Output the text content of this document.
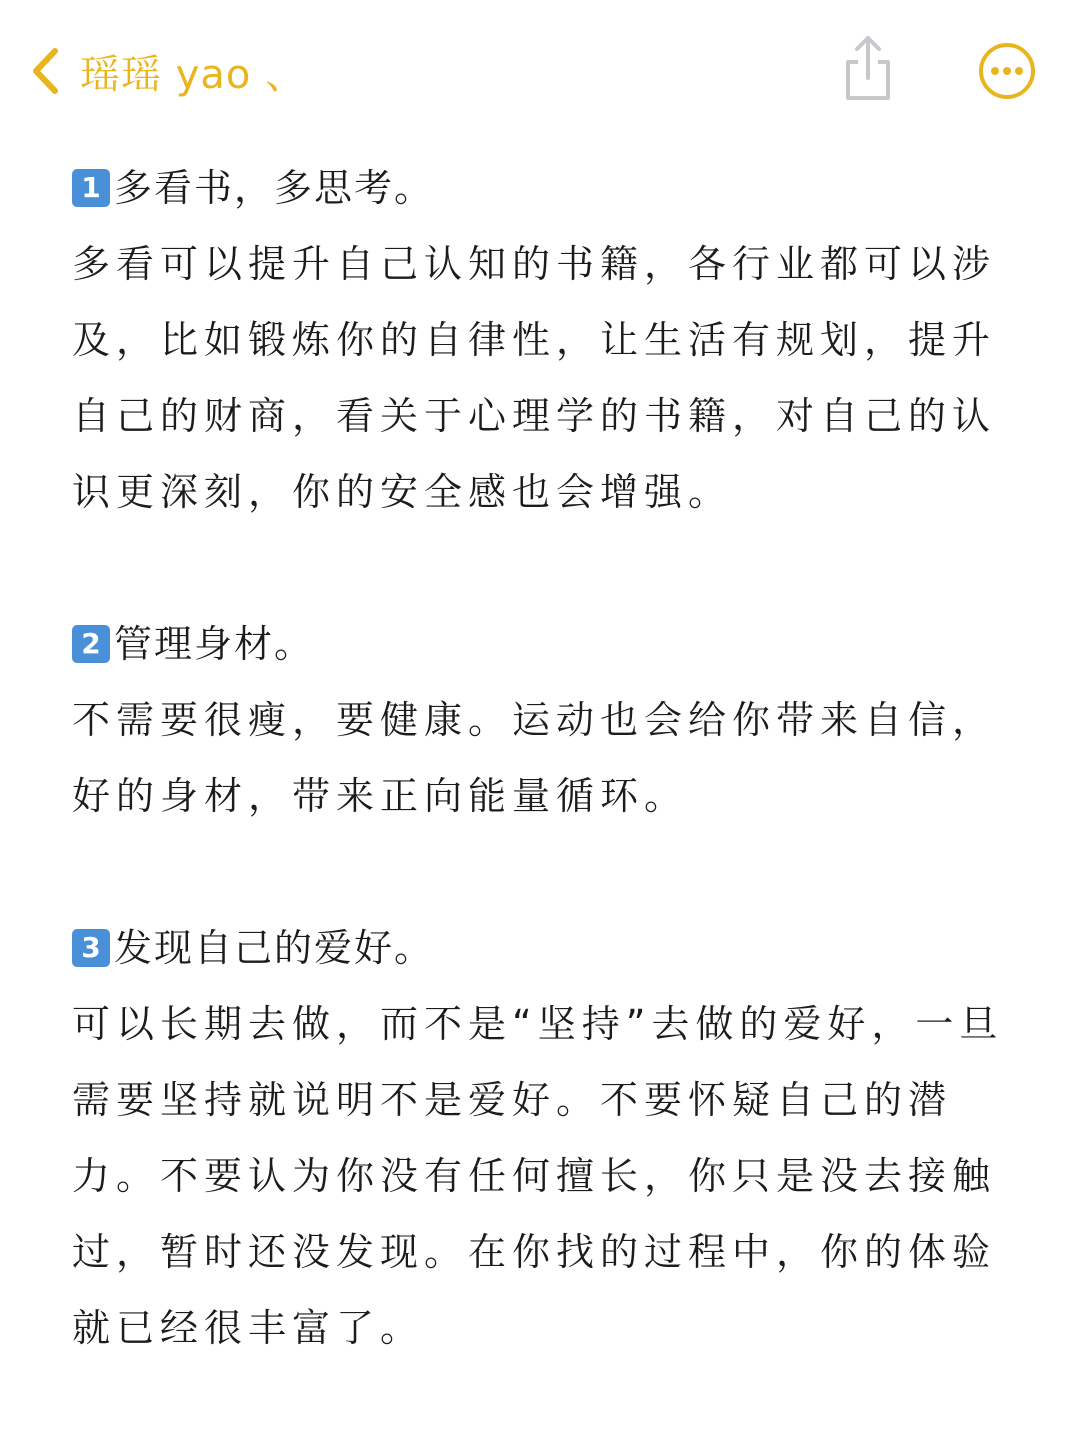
瑶瑶 yao 、
1 多看书，多思考。

多看可以提升自己认知的书籍，各行业都可以涉及，比如锻炼你的自律性，让生活有规划，提升自己的财商，看关于心理学的书籍，对自己的认识更深刻，你的安全感也会增强。

2 管理身材。

不需要很瘦，要健康。运动也会给你带来自信，好的身材，带来正向能量循环。

3 发现自己的爱好。

可以长期去做，而不是“坚持”去做的爱好，一旦需要坚持就说明不是爱好。不要怀疑自己的潜力。不要认为你没有任何擅长，你只是没去接触过，暂时还没发现。在你找的过程中，你的体验就已经很丰富了。
